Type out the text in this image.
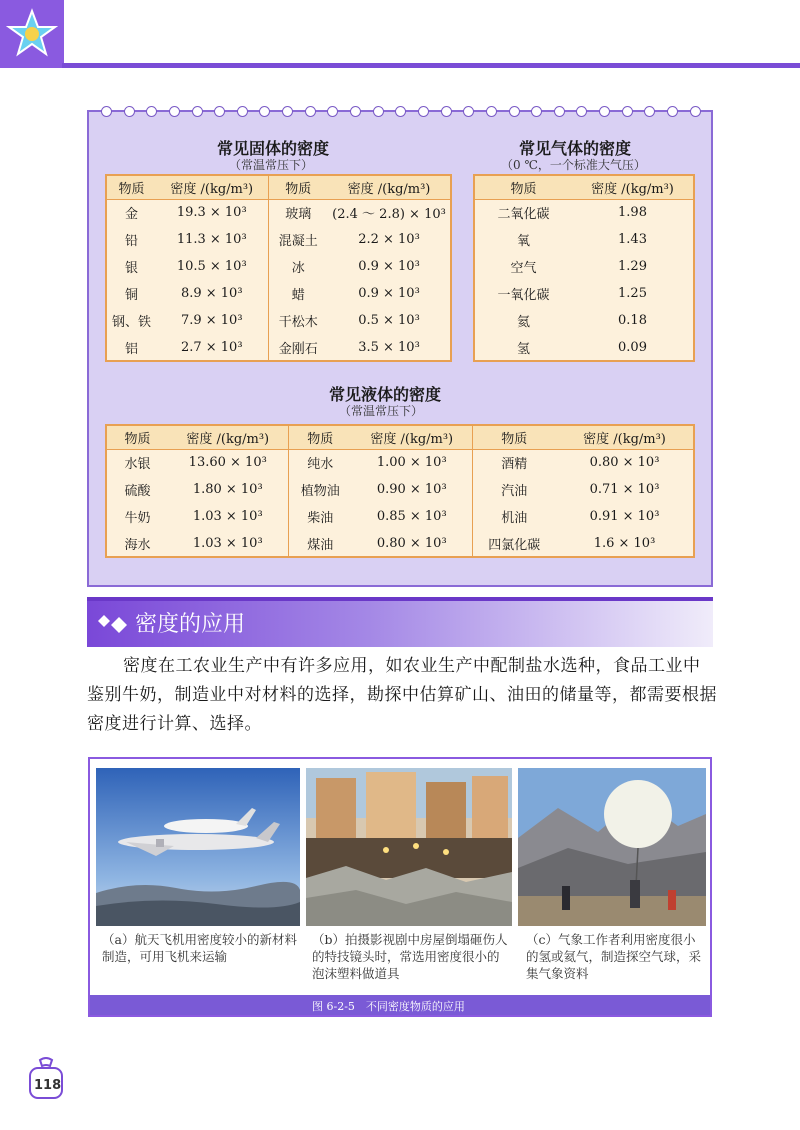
常见固体的密度
（常温常压下）
物质	密度 /(kg/m³)	物质	密度 /(kg/m³)
金	19.3 × 10³	玻璃	(2.4 ～ 2.8) × 10³
铅	11.3 × 10³	混凝土	2.2 × 10³
银	10.5 × 10³	冰	0.9 × 10³
铜	8.9 × 10³	蜡	0.9 × 10³
钢、铁	7.9 × 10³	干松木	0.5 × 10³
铝	2.7 × 10³	金刚石	3.5 × 10³
常见气体的密度
（0 ℃，一个标准大气压）
物质	密度 /(kg/m³)
二氧化碳	1.98
氧	1.43
空气	1.29
一氧化碳	1.25
氦	0.18
氢	0.09
常见液体的密度
（常温常压下）
物质	密度 /(kg/m³)	物质	密度 /(kg/m³)	物质	密度 /(kg/m³)
水银	13.60 × 10³	纯水	1.00 × 10³	酒精	0.80 × 10³
硫酸	1.80 × 10³	植物油	0.90 × 10³	汽油	0.71 × 10³
牛奶	1.03 × 10³	柴油	0.85 × 10³	机油	0.91 × 10³
海水	1.03 × 10³	煤油	0.80 × 10³	四氯化碳	1.6 × 10³
密度的应用

密度在工农业生产中有许多应用，如农业生产中配制盐水选种，食品工业中鉴别牛奶，制造业中对材料的选择，勘探中估算矿山、油田的储量等，都需要根据密度进行计算、选择。

（a）航天飞机用密度较小的新材料制造，可用飞机来运输
（b）拍摄影视剧中房屋倒塌砸伤人的特技镜头时，常选用密度很小的泡沫塑料做道具
（c）气象工作者利用密度很小的氢或氦气，制造探空气球，采集气象资料
图 6-2-5　不同密度物质的应用
118
